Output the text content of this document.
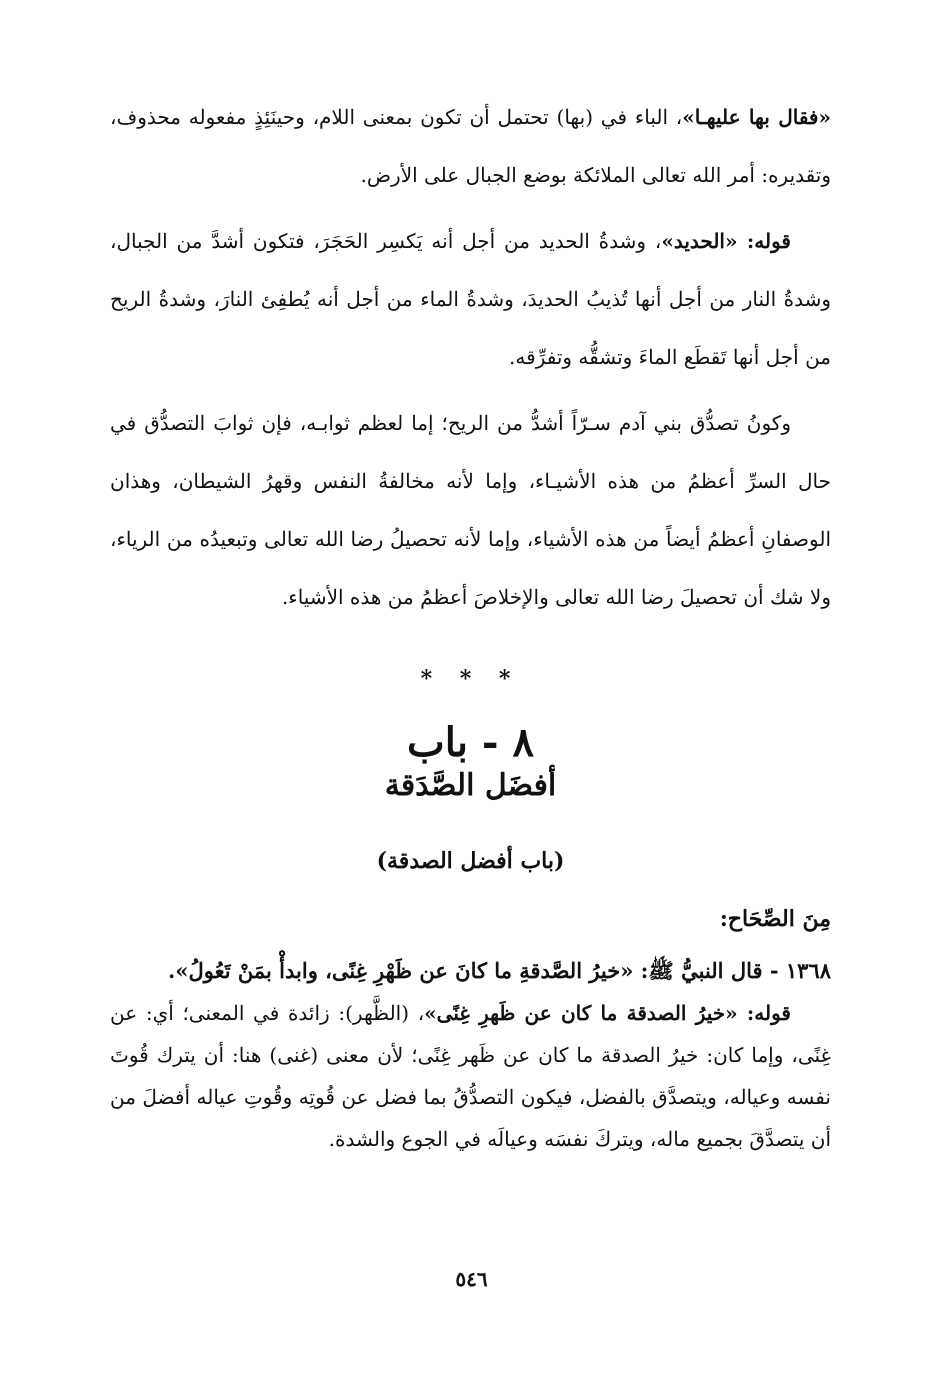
«فقال بها عليهـا»، الباء في (بها) تحتمل أن تكون بمعنى اللام، وحينَئِذٍ مفعوله محذوف، وتقديره: أمر الله تعالى الملائكة بوضع الجبال على الأرض.

قوله: «الحديد»، وشدةُ الحديد من أجل أنه يَكسِر الحَجَرَ، فتكون أشدَّ من الجبال، وشدةُ النار من أجل أنها تُذيبُ الحديدَ، وشدةُ الماء من أجل أنه يُطفِئ النارَ، وشدةُ الريح من أجل أنها تَقطَع الماءَ وتشقُّه وتفرِّقه.

وكونُ تصدُّق بني آدم سـرّاً أشدُّ من الريح؛ إما لعظم ثوابـه، فإن ثوابَ التصدُّق في حال السرِّ أعظمُ من هذه الأشيـاء، وإما لأنه مخالفةُ النفس وقهرُ الشيطان، وهذان الوصفانِ أعظمُ أيضاً من هذه الأشياء، وإما لأنه تحصيلُ رضا الله تعالى وتبعيدُه من الرياء، ولا شك أن تحصيلَ رضا الله تعالى والإخلاصَ أعظمُ من هذه الأشياء.

* * *
٨ - باب
أفضَل الصَّدَقة
(باب أفضل الصدقة)

مِنَ الصِّحَاح:

١٣٦٨ - قال النبيُّ ﷺ: «خيرُ الصَّدقةِ ما كانَ عن ظَهْرِ غِنًى، وابدأْ بمَنْ تَعُولُ».

قوله: «خيرُ الصدقة ما كان عن ظَهرِ غِنًى»، (الظَّهر): زائدة في المعنى؛ أي: عن غِنًى، وإما كان: خيرُ الصدقة ما كان عن ظَهر غِنًى؛ لأن معنى (غنى) هنا: أن يترك قُوتَ نفسه وعياله، ويتصدَّق بالفضل، فيكون التصدُّقُ بما فضل عن قُوتِه وقُوتِ عياله أفضلَ من أن يتصدَّقَ بجميع ماله، ويتركَ نفسَه وعيالَه في الجوع والشدة.

٥٤٦
